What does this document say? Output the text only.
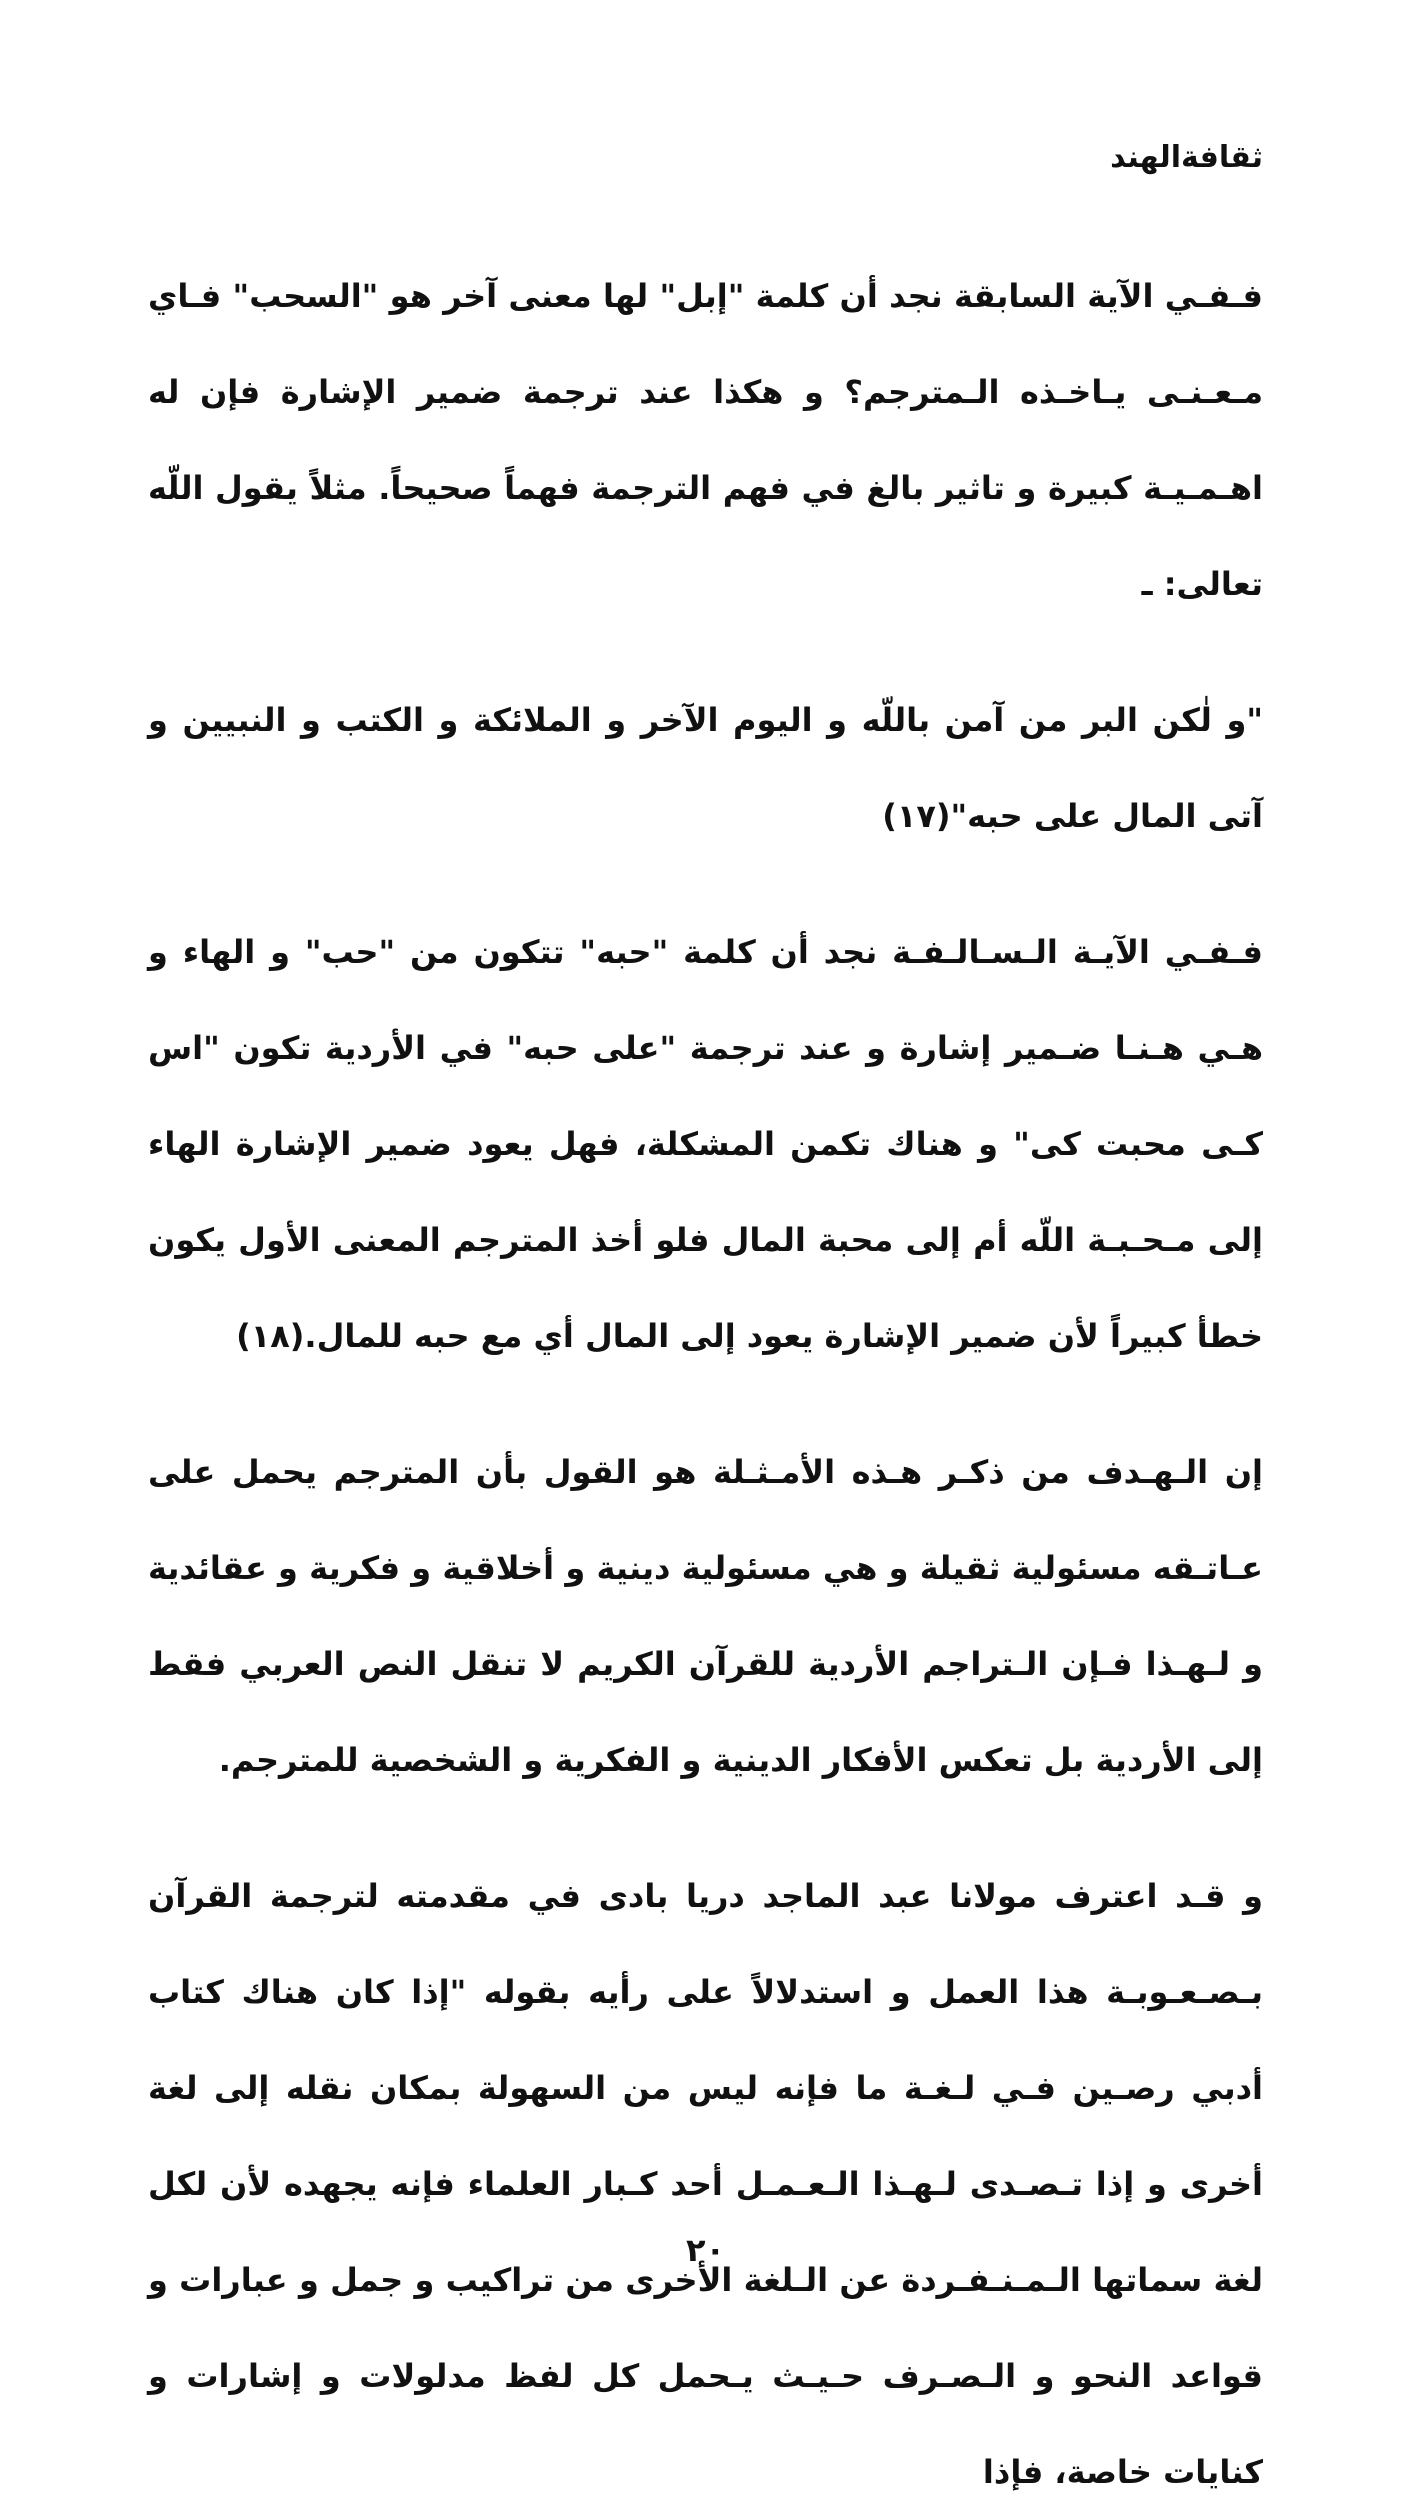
ثقافةالهند

فـفـي الآية السابقة نجد أن كلمة "إبل" لها معنى آخر هو "السحب" فـاي مـعـنـى يـاخـذه الـمترجم؟ و هكذا عند ترجمة ضمير الإشارة فإن له اهـمـيـة كبيرة و تاثير بالغ في فهم الترجمة فهماً صحيحاً. مثلاً يقول اللّه تعالى: ـ

"و لٰكن البر من آمن باللّه و اليوم الآخر و الملائكة و الكتب و النبيين و آتى المال على حبه"(١٧)

فـفـي الآيـة الـسـالـفـة نجد أن كلمة "حبه" تتكون من "حب" و الهاء و هـي هـنـا ضـمير إشارة و عند ترجمة "على حبه" في الأردية تكون "اس كـى محبت كى" و هناك تكمن المشكلة، فهل يعود ضمير الإشارة الهاء إلى مـحـبـة اللّه أم إلى محبة المال فلو أخذ المترجم المعنى الأول يكون خطأ كبيراً لأن ضمير الإشارة يعود إلى المال أي مع حبه للمال.(١٨)

إن الـهـدف من ذكـر هـذه الأمـثـلة هو القول بأن المترجم يحمل على عـاتـقه مسئولية ثقيلة و هي مسئولية دينية و أخلاقية و فكرية و عقائدية و لـهـذا فـإن الـتراجم الأردية للقرآن الكريم لا تنقل النص العربي فقط إلى الأردية بل تعكس الأفكار الدينية و الفكرية و الشخصية للمترجم.

و قـد اعترف مولانا عبد الماجد دريا بادى في مقدمته لترجمة القرآن بـصـعـوبـة هذا العمل و استدلالاً على رأيه بقوله "إذا كان هناك كتاب أدبي رصـين فـي لـغـة ما فإنه ليس من السهولة بمكان نقله إلى لغة أخرى و إذا تـصـدى لـهـذا الـعـمـل أحد كـبار العلماء فإنه يجهده لأن لكل لغة سماتها الـمـنـفـردة عن الـلغة الأخرى من تراكيب و جمل و عبارات و قواعد النحو و الـصـرف حـيـث يـحمل كل لفظ مدلولات و إشارات و كنايات خاصة، فإذا

٢٠
